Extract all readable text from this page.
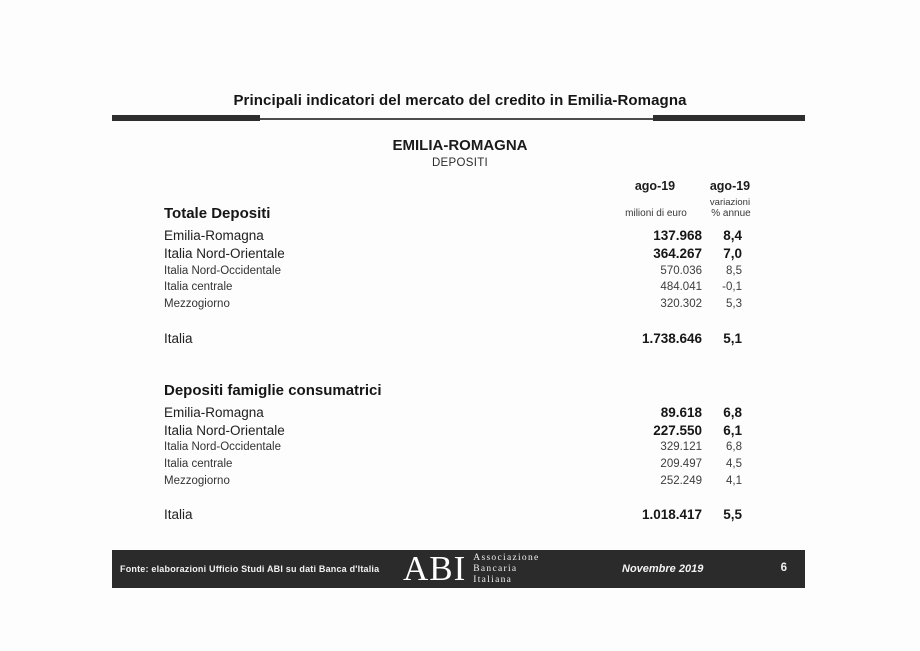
Principali indicatori del mercato del credito in Emilia-Romagna
EMILIA-ROMAGNA
DEPOSITI
ago-19	ago-19
variazioni
milioni di euro	% annue
Totale Depositi
Emilia-Romagna	137.968 8,4
Italia Nord-Orientale	364.267 7,0
Italia Nord-Occidentale	570.036 8,5
Italia centrale	484.041 -0,1
Mezzogiorno	320.302 5,3
Italia	1.738.646 5,1
Depositi famiglie consumatrici
Emilia-Romagna	89.618 6,8
Italia Nord-Orientale	227.550 6,1
Italia Nord-Occidentale	329.121 6,8
Italia centrale	209.497 4,5
Mezzogiorno	252.249 4,1
Italia	1.018.417 5,5
Fonte: elaborazioni Ufficio Studi ABI su dati Banca d'Italia ABI Associazione
Bancaria
Italiana
Novembre 2019	6
